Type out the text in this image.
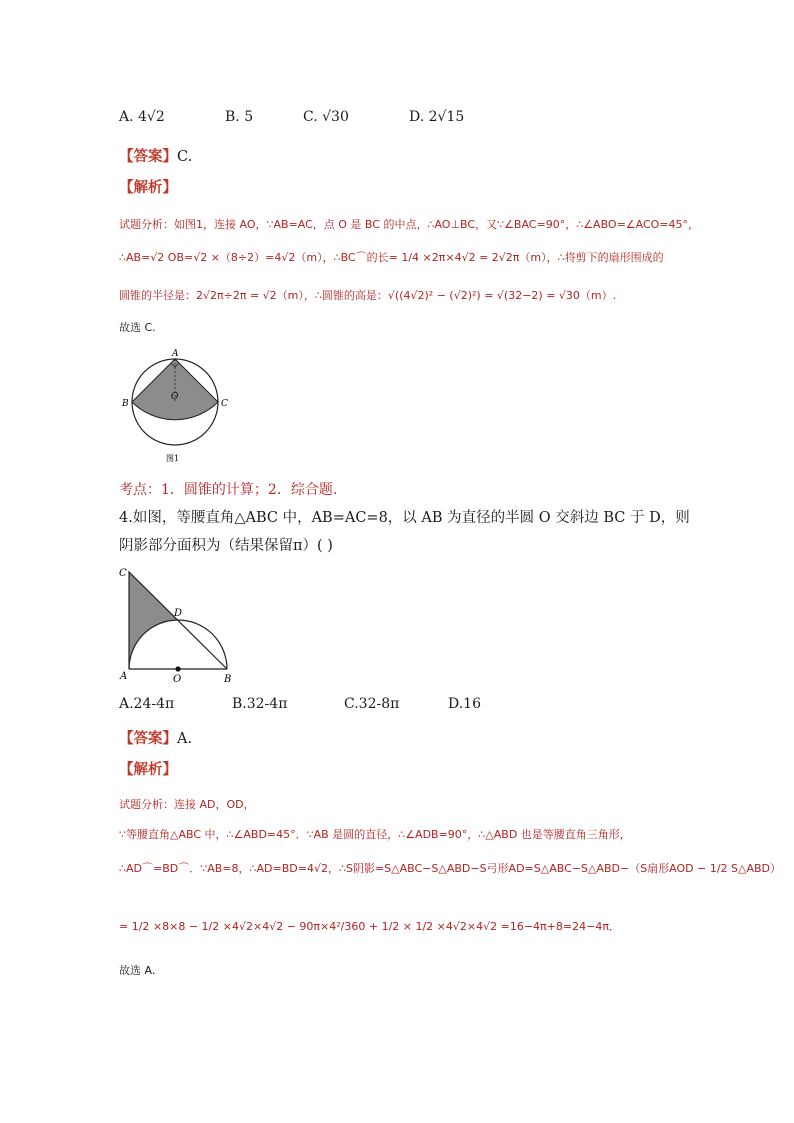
A. 4√2	B. 5	C. √30	D. 2√15
【答案】C.
【解析】
试题分析：如图1，连接 AO，∵AB=AC，点 O 是 BC 的中点，∴AO⊥BC，又∵∠BAC=90°，∴∠ABO=∠ACO=45°，
∴AB=√2 OB=√2 ×（8÷2）=4√2（m），∴BC⌒的长= 1/4 ×2π×4√2 = 2√2π（m），∴将剪下的扇形围成的
圆锥的半径是：2√2π÷2π = √2（m），∴圆锥的高是：√((4√2)² − (√2)²) = √(32−2) = √30（m）.
故选 C.
A
B	C
O
图1
考点：1．圆锥的计算；2．综合题.
4.如图，等腰直角△ABC 中，AB=AC=8，以 AB 为直径的半圆 O 交斜边 BC 于 D，则
阴影部分面积为（结果保留π）( )
C
D
A	O	B
A.24-4π	B.32-4π	C.32-8π	D.16
【答案】A.
【解析】
试题分析：连接 AD，OD，
∵等腰直角△ABC 中，∴∠ABD=45°．∵AB 是圆的直径，∴∠ADB=90°，∴△ABD 也是等腰直角三角形，
∴AD⌒=BD⌒．∵AB=8，∴AD=BD=4√2，∴S阴影=S△ABC−S△ABD−S弓形AD=S△ABC−S△ABD−（S扇形AOD − 1/2 S△ABD）
= 1/2 ×8×8 − 1/2 ×4√2×4√2 − 90π×4²/360 + 1/2 × 1/2 ×4√2×4√2 =16−4π+8=24−4π．
故选 A.
